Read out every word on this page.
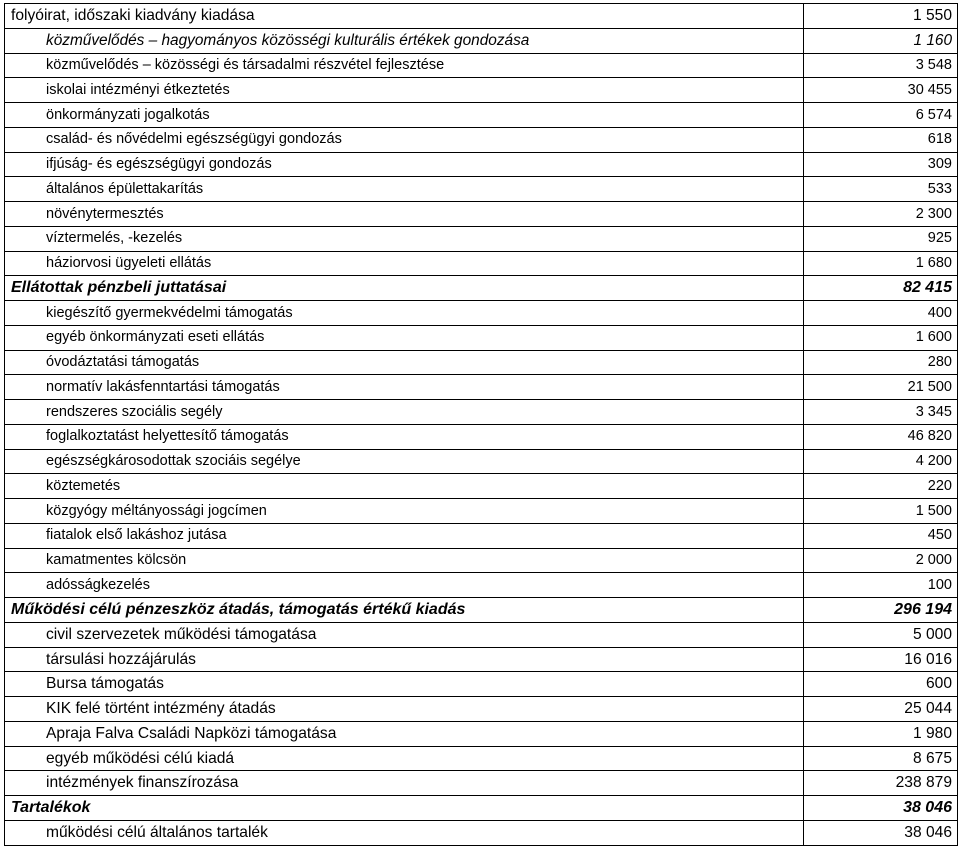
folyóirat, időszaki kiadvány kiadása	1 550
közművelődés – hagyományos közösségi kulturális értékek gondozása	1 160
közművelődés – közösségi és társadalmi részvétel fejlesztése	3 548
iskolai intézményi étkeztetés	30 455
önkormányzati jogalkotás	6 574
család- és nővédelmi egészségügyi gondozás	618
ifjúság- és egészségügyi gondozás	309
általános épülettakarítás	533
növénytermesztés	2 300
víztermelés, -kezelés	925
háziorvosi ügyeleti ellátás	1 680
Ellátottak pénzbeli juttatásai	82 415
kiegészítő gyermekvédelmi támogatás	400
egyéb önkormányzati eseti ellátás	1 600
óvodáztatási támogatás	280
normatív lakásfenntartási támogatás	21 500
rendszeres szociális segély	3 345
foglalkoztatást helyettesítő támogatás	46 820
egészségkárosodottak szociáis segélye	4 200
köztemetés	220
közgyógy méltányossági jogcímen	1 500
fiatalok első lakáshoz jutása	450
kamatmentes kölcsön	2 000
adósságkezelés	100
Működési célú pénzeszköz átadás, támogatás értékű kiadás	296 194
civil szervezetek működési támogatása	5 000
társulási hozzájárulás	16 016
Bursa támogatás	600
KIK felé történt intézmény átadás	25 044
Apraja Falva Családi Napközi támogatása	1 980
egyéb működési célú kiadá	8 675
intézmények finanszírozása	238 879
Tartalékok	38 046
működési célú általános tartalék	38 046
